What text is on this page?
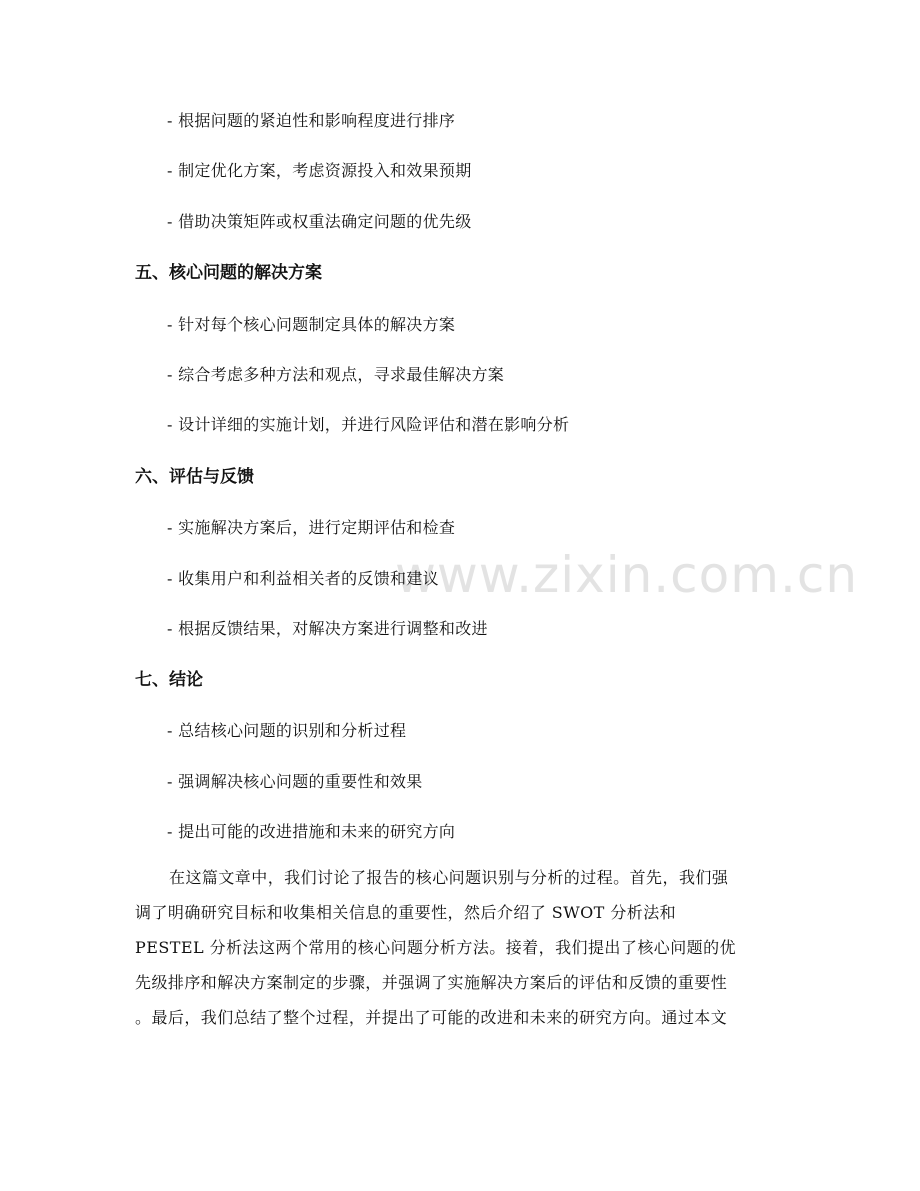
www.zixin.com.cn
- 根据问题的紧迫性和影响程度进行排序
- 制定优化方案，考虑资源投入和效果预期
- 借助决策矩阵或权重法确定问题的优先级
五、核心问题的解决方案
- 针对每个核心问题制定具体的解决方案
- 综合考虑多种方法和观点，寻求最佳解决方案
- 设计详细的实施计划，并进行风险评估和潜在影响分析
六、评估与反馈
- 实施解决方案后，进行定期评估和检查
- 收集用户和利益相关者的反馈和建议
- 根据反馈结果，对解决方案进行调整和改进
七、结论
- 总结核心问题的识别和分析过程
- 强调解决核心问题的重要性和效果
- 提出可能的改进措施和未来的研究方向
在这篇文章中，我们讨论了报告的核心问题识别与分析的过程。首先，我们强
调了明确研究目标和收集相关信息的重要性，然后介绍了 SWOT 分析法和
PESTEL 分析法这两个常用的核心问题分析方法。接着，我们提出了核心问题的优
先级排序和解决方案制定的步骤，并强调了实施解决方案后的评估和反馈的重要性
。最后，我们总结了整个过程，并提出了可能的改进和未来的研究方向。通过本文
